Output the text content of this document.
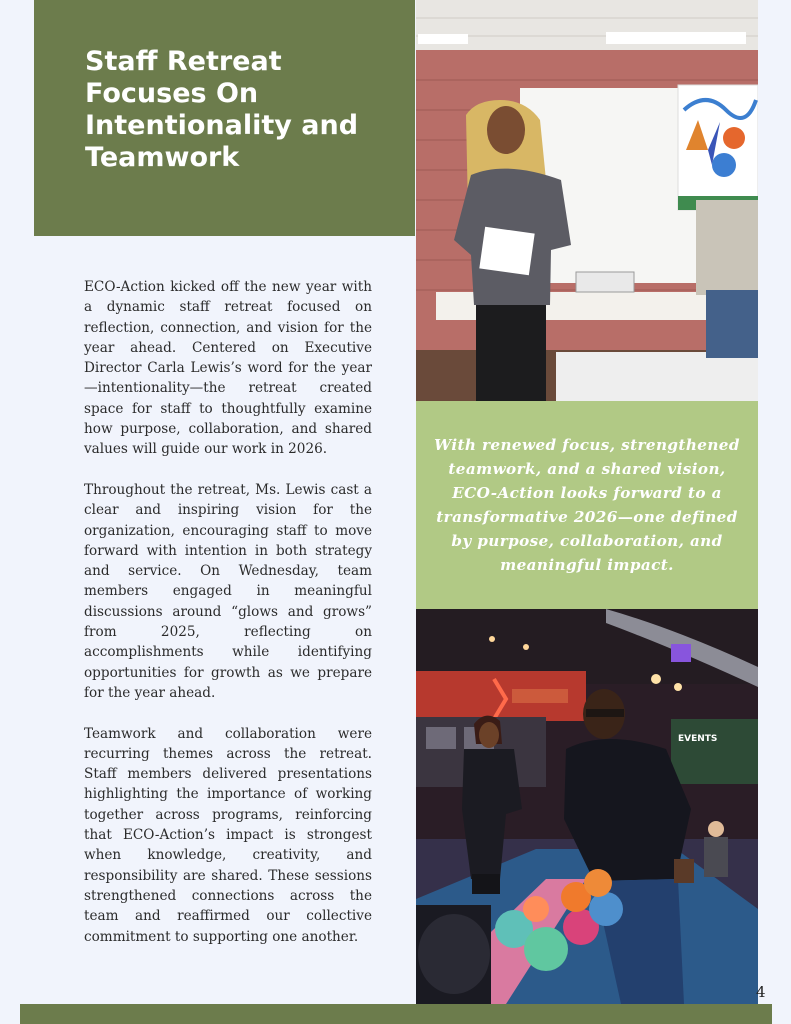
Staff Retreat Focuses On Intentionality and Teamwork

ECO-Action kicked off the new year with a dynamic staff retreat focused on reflection, connection, and vision for the year ahead. Centered on Executive Director Carla Lewis’s word for the year—intentionality—the retreat created space for staff to thoughtfully examine how purpose, collaboration, and shared values will guide our work in 2026.

Throughout the retreat, Ms. Lewis cast a clear and inspiring vision for the organization, encouraging staff to move forward with intention in both strategy and service. On Wednesday, team members engaged in meaningful discussions around “glows and grows” from 2025, reflecting on accomplishments while identifying opportunities for growth as we prepare for the year ahead.

Teamwork and collaboration were recurring themes across the retreat. Staff members delivered presentations highlighting the importance of working together across programs, reinforcing that ECO-Action’s impact is strongest when knowledge, creativity, and responsibility are shared. These sessions strengthened connections across the team and reaffirmed our collective commitment to supporting one another.

With renewed focus, strengthened teamwork, and a shared vision, ECO-Action looks forward to a transformative 2026—one defined by purpose, collaboration, and meaningful impact.

EVENTS
4
